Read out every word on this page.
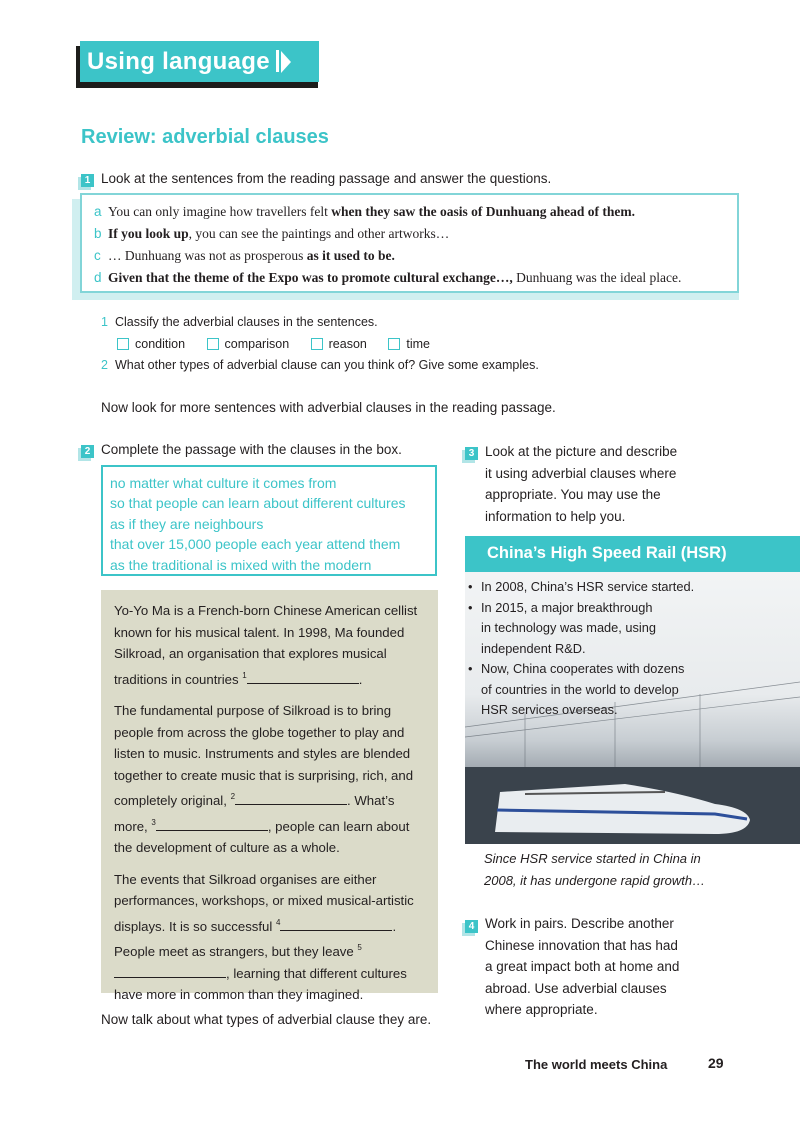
Using language
Review: adverbial clauses
1 Look at the sentences from the reading passage and answer the questions.
a You can only imagine how travellers felt when they saw the oasis of Dunhuang ahead of them.
b If you look up, you can see the paintings and other artworks…
c … Dunhuang was not as prosperous as it used to be.
d Given that the theme of the Expo was to promote cultural exchange…, Dunhuang was the ideal place.
1 Classify the adverbial clauses in the sentences.
condition	comparison	reason	time
2 What other types of adverbial clause can you think of? Give some examples.
Now look for more sentences with adverbial clauses in the reading passage.
2 Complete the passage with the clauses in the box.
no matter what culture it comes from
so that people can learn about different cultures
as if they are neighbours
that over 15,000 people each year attend them
as the traditional is mixed with the modern

Yo-Yo Ma is a French-born Chinese American cellist known for his musical talent. In 1998, Ma founded Silkroad, an organisation that explores musical traditions in countries $^1$	.

The fundamental purpose of Silkroad is to bring people from across the globe together to play and listen to music. Instruments and styles are blended together to create music that is surprising, rich, and completely original, $^2$	. What’s more, $^3$	, people can learn about the development of culture as a whole.

The events that Silkroad organises are either performances, workshops, or mixed musical-artistic displays. It is so successful $^4$	. People meet as strangers, but they leave $^5$, learning that different cultures have more in common than they imagined.

Now talk about what types of adverbial clause they are.
3 Look at the picture and describe
it using adverbial clauses where
appropriate. You may use the
information to help you.
China’s High Speed Rail (HSR)
• In 2008, China’s HSR service started.
• In 2015, a major breakthrough
in technology was made, using
independent R&D.
• Now, China cooperates with dozens
of countries in the world to develop
HSR services overseas.
Since HSR service started in China in
2008, it has undergone rapid growth…
4 Work in pairs. Describe another
Chinese innovation that has had
a great impact both at home and
abroad. Use adverbial clauses
where appropriate.
The world meets China	29
